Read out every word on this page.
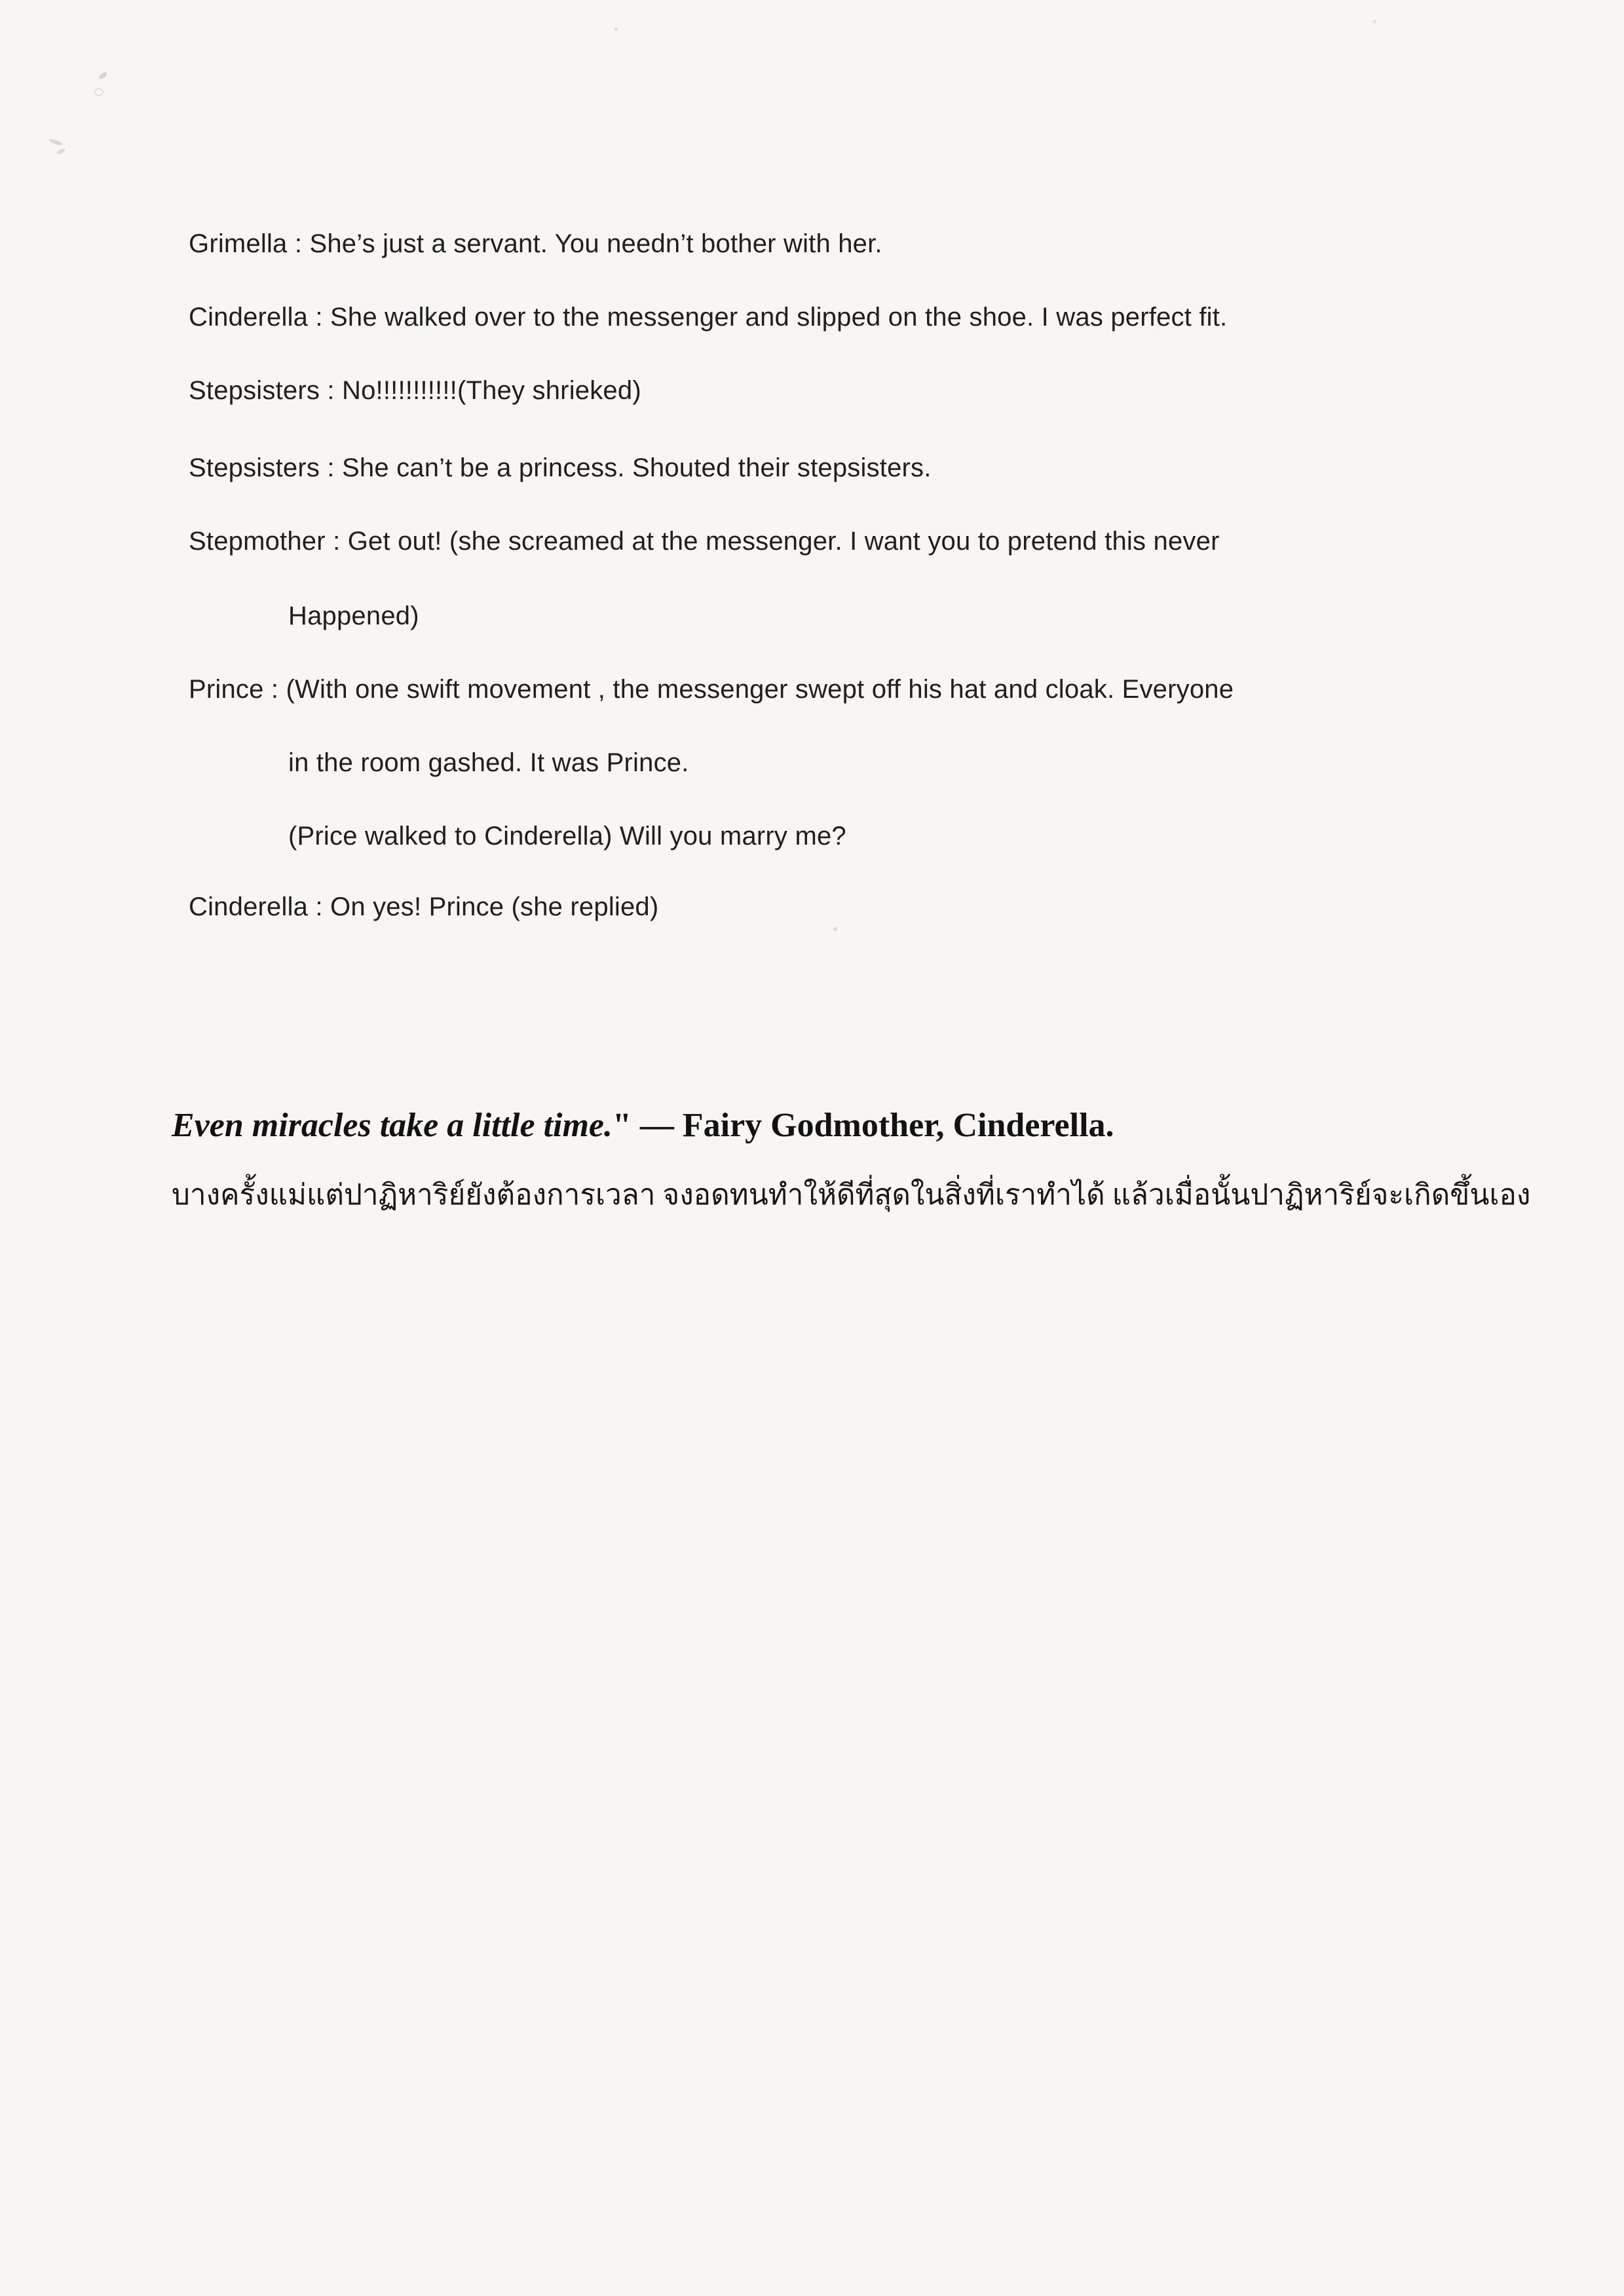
Grimella : She’s just a servant. You needn’t bother with her.
Cinderella : She walked over to the messenger and slipped on the shoe. I was perfect fit.
Stepsisters : No!!!!!!!!!!!(They shrieked)
Stepsisters : She can’t be a princess. Shouted their stepsisters.
Stepmother : Get out! (she screamed at the messenger. I want you to pretend this never
Happened)
Prince : (With one swift movement , the messenger swept off his hat and cloak. Everyone
in the room gashed. It was Prince.
(Price walked to Cinderella) Will you marry me?
Cinderella : On yes! Prince (she replied)
Even miracles take a little time." — Fairy Godmother, Cinderella.
บางครั้งแม่แต่ปาฏิหาริย์ยังต้องการเวลา จงอดทนทำให้ดีที่สุดในสิ่งที่เราทำได้ แล้วเมื่อนั้นปาฏิหาริย์จะเกิดขึ้นเอง
